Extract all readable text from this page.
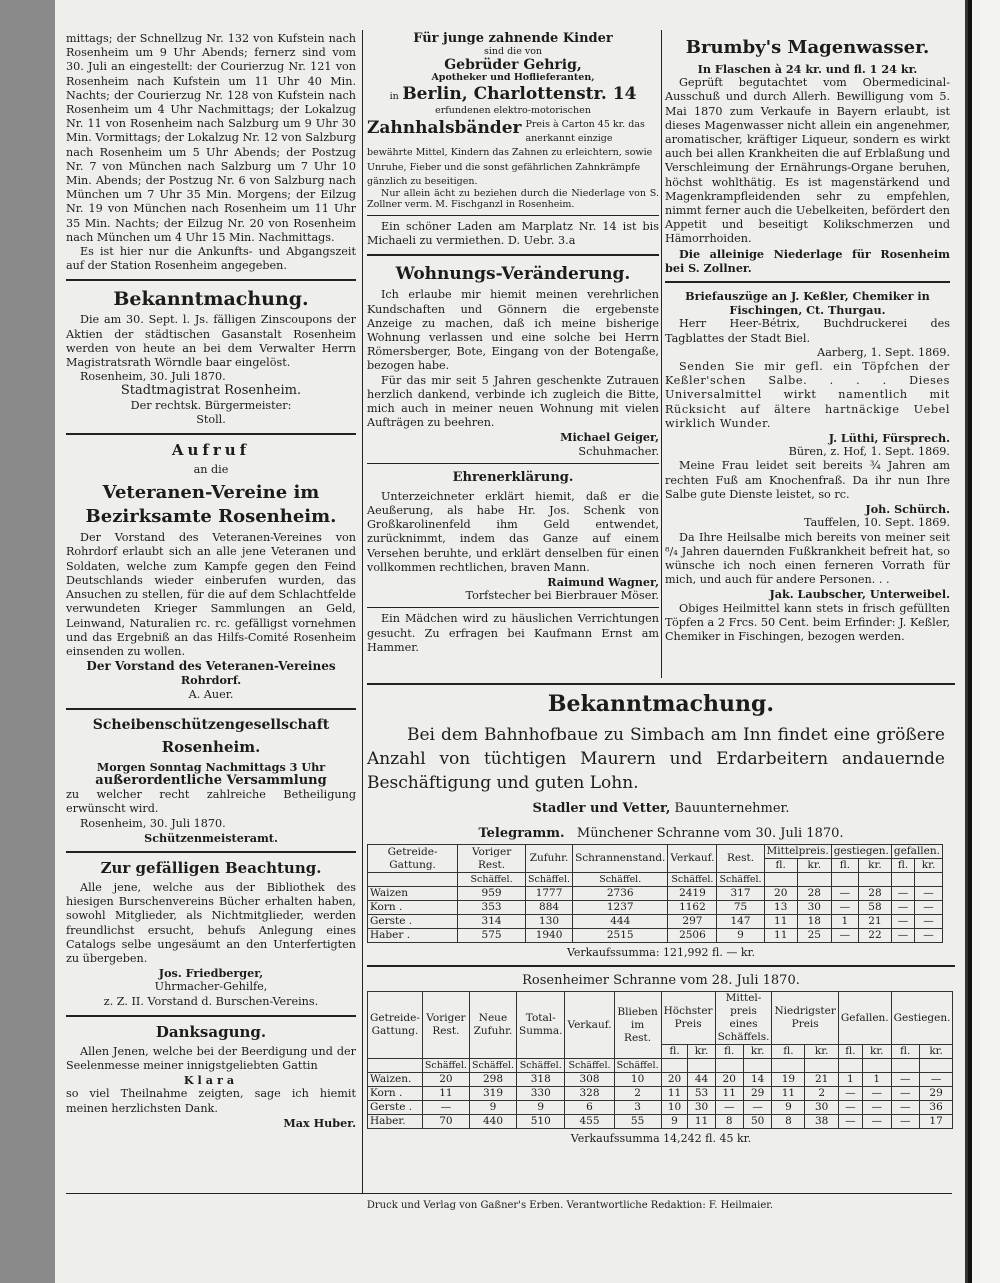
mittags; der Schnellzug Nr. 132 von Kufstein nach Rosenheim um 9 Uhr Abends; fernerz sind vom 30. Juli an eingestellt: der Courierzug Nr. 121 von Rosenheim nach Kufstein um 11 Uhr 40 Min. Nachts; der Courierzug Nr. 128 von Kufstein nach Rosenheim um 4 Uhr Nachmittags; der Lokalzug Nr. 11 von Rosenheim nach Salzburg um 9 Uhr 30 Min. Vormittags; der Lokalzug Nr. 12 von Salzburg nach Rosenheim um 5 Uhr Abends; der Postzug Nr. 7 von München nach Salzburg um 7 Uhr 10 Min. Abends; der Postzug Nr. 6 von Salzburg nach München um 7 Uhr 35 Min. Morgens; der Eilzug Nr. 19 von München nach Rosenheim um 11 Uhr 35 Min. Nachts; der Eilzug Nr. 20 von Rosenheim nach München um 4 Uhr 15 Min. Nachmittags.

Es ist hier nur die Ankunfts- und Abgangszeit auf der Station Rosenheim angegeben.

Bekanntmachung.

Die am 30. Sept. l. Js. fälligen Zinscoupons der Aktien der städtischen Gasanstalt Rosenheim werden von heute an bei dem Verwalter Herrn Magistratsrath Wörndle baar eingelöst.

Rosenheim, 30. Juli 1870.

Stadtmagistrat Rosenheim.
Der rechtsk. Bürgermeister:
Stoll.
Aufruf
an die
Veteranen-Vereine im Bezirksamte Rosenheim.

Der Vorstand des Veteranen-Vereines von Rohrdorf erlaubt sich an alle jene Veteranen und Soldaten, welche zum Kampfe gegen den Feind Deutschlands wieder einberufen wurden, das Ansuchen zu stellen, für die auf dem Schlachtfelde verwundeten Krieger Sammlungen an Geld, Leinwand, Naturalien rc. rc. gefälligst vornehmen und das Ergebniß an das Hilfs-Comité Rosenheim einsenden zu wollen.

Der Vorstand des Veteranen-Vereines
Rohrdorf.
A. Auer.
Scheibenschützengesellschaft
Rosenheim.
Morgen Sonntag Nachmittags 3 Uhr
außerordentliche Versammlung

zu welcher recht zahlreiche Betheiligung erwünscht wird.

Rosenheim, 30. Juli 1870.

Schützenmeisteramt.
Zur gefälligen Beachtung.

Alle jene, welche aus der Bibliothek des hiesigen Burschenvereins Bücher erhalten haben, sowohl Mitglieder, als Nichtmitglieder, werden freundlichst ersucht, behufs Anlegung eines Catalogs selbe ungesäumt an den Unterfertigten zu übergeben.

Jos. Friedberger,
Uhrmacher-Gehilfe,
z. Z. II. Vorstand d. Burschen-Vereins.
Danksagung.

Allen Jenen, welche bei der Beerdigung und der Seelenmesse meiner innigstgeliebten Gattin

Klara

so viel Theilnahme zeigten, sage ich hiemit meinen herzlichsten Dank.

Max Huber.
Für junge zahnende Kinder
sind die von
Gebrüder Gehrig,
Apotheker und Hoflieferanten,
in Berlin, Charlottenstr. 14
erfundenen elektro-motorischen
Zahnhalsbänder Preis à Carton 45 kr. das anerkannt einzige bewährte Mittel, Kindern das Zahnen zu erleichtern, sowie Unruhe, Fieber und die sonst gefährlichen Zahnkrämpfe gänzlich zu beseitigen.

Nur allein ächt zu beziehen durch die Niederlage von S. Zollner verm. M. Fischganzl in Rosenheim.

Ein schöner Laden am Marplatz Nr. 14 ist bis Michaeli zu vermiethen. D. Uebr. 3.a

Wohnungs-Veränderung.

Ich erlaube mir hiemit meinen verehrlichen Kundschaften und Gönnern die ergebenste Anzeige zu machen, daß ich meine bisherige Wohnung verlassen und eine solche bei Herrn Römersberger, Bote, Eingang von der Botengaße, bezogen habe.

Für das mir seit 5 Jahren geschenkte Zutrauen herzlich dankend, verbinde ich zugleich die Bitte, mich auch in meiner neuen Wohnung mit vielen Aufträgen zu beehren.

Michael Geiger,
Schuhmacher.
Ehrenerklärung.

Unterzeichneter erklärt hiemit, daß er die Aeußerung, als habe Hr. Jos. Schenk von Großkarolinenfeld ihm Geld entwendet, zurücknimmt, indem das Ganze auf einem Versehen beruhte, und erklärt denselben für einen vollkommen rechtlichen, braven Mann.

Raimund Wagner,
Torfstecher bei Bierbrauer Möser.

Ein Mädchen wird zu häuslichen Verrichtungen gesucht. Zu erfragen bei Kaufmann Ernst am Hammer.

Brumby's Magenwasser.
In Flaschen à 24 kr. und fl. 1 24 kr.

Geprüft begutachtet vom Obermedicinal-Ausschuß und durch Allerh. Bewilligung vom 5. Mai 1870 zum Verkaufe in Bayern erlaubt, ist dieses Magenwasser nicht allein ein angenehmer, aromatischer, kräftiger Liqueur, sondern es wirkt auch bei allen Krankheiten die auf Erblaßung und Verschleimung der Ernährungs-Organe beruhen, höchst wohlthätig. Es ist magenstärkend und Magenkrampfleidenden sehr zu empfehlen, nimmt ferner auch die Uebelkeiten, befördert den Appetit und beseitigt Kolikschmerzen und Hämorrhoiden.

Die alleinige Niederlage für Rosenheim bei S. Zollner.

Briefauszüge an J. Keßler, Chemiker in Fischingen, Ct. Thurgau.

Herr Heer-Bétrix, Buchdruckerei des Tagblattes der Stadt Biel.

Aarberg, 1. Sept. 1869.

Senden Sie mir gefl. ein Töpfchen der Keßler'schen Salbe. . . . Dieses Universalmittel wirkt namentlich mit Rücksicht auf ältere hartnäckige Uebel wirklich Wunder.

J. Lüthi, Fürsprech.
Büren, z. Hof, 1. Sept. 1869.

Meine Frau leidet seit bereits ¾ Jahren am rechten Fuß am Knochenfraß. Da ihr nun Ihre Salbe gute Dienste leistet, so rc.

Joh. Schürch.
Tauffelen, 10. Sept. 1869.

Da Ihre Heilsalbe mich bereits von meiner seit ⁸/₄ Jahren dauernden Fußkrankheit befreit hat, so wünsche ich noch einen ferneren Vorrath für mich, und auch für andere Personen. . .

Jak. Laubscher, Unterweibel.

Obiges Heilmittel kann stets in frisch gefüllten Töpfen a 2 Frcs. 50 Cent. beim Erfinder: J. Keßler, Chemiker in Fischingen, bezogen werden.

Bekanntmachung.

Bei dem Bahnhofbaue zu Simbach am Inn findet eine größere Anzahl von tüchtigen Maurern und Erdarbeitern andauernde Beschäftigung und guten Lohn.

Stadler und Vetter, Bauunternehmer.
Telegramm. Münchener Schranne vom 30. Juli 1870.
Getreide-Gattung.	Voriger Rest.	Zufuhr.	Schrannenstand.	Verkauf.	Rest.	Mittelpreis.		gestiegen.		gefallen.	
						fl.	kr.	fl.	kr.	fl.	kr.
	Schäffel.	Schäffel.	Schäffel.	Schäffel.	Schäffel.						
Waizen	959	1777	2736	2419	317	20	28	—	28	—	—
Korn .	353	884	1237	1162	75	13	30	—	58	—	—
Gerste .	314	130	444	297	147	11	18	1	21	—	—
Haber .	575	1940	2515	2506	9	11	25	—	22	—	—
Verkaufssumma: 121,992 fl. — kr.
Rosenheimer Schranne vom 28. Juli 1870.
Getreide-Gattung.	Voriger Rest.	Neue Zufuhr.	Total-Summa.	Verkauf.	Blieben im Rest.	Höchster Preis		Mittel-preis eines Schäffels.		Niedrigster Preis		Gefallen.		Gestiegen.	
						fl.	kr.	fl.	kr.	fl.	kr.	fl.	kr.	fl.	kr.
	Schäffel.	Schäffel.	Schäffel.	Schäffel.	Schäffel.										
Waizen.	20	298	318	308	10	20	44	20	14	19	21	1	1	—	—
Korn .	11	319	330	328	2	11	53	11	29	11	2	—	—	—	29
Gerste .	—	9	9	6	3	10	30	—	—	9	30	—	—	—	36
Haber.	70	440	510	455	55	9	11	8	50	8	38	—	—	—	17
Verkaufssumma 14,242 fl. 45 kr.
Druck und Verlag von Gaßner's Erben. Verantwortliche Redaktion: F. Heilmaier.
